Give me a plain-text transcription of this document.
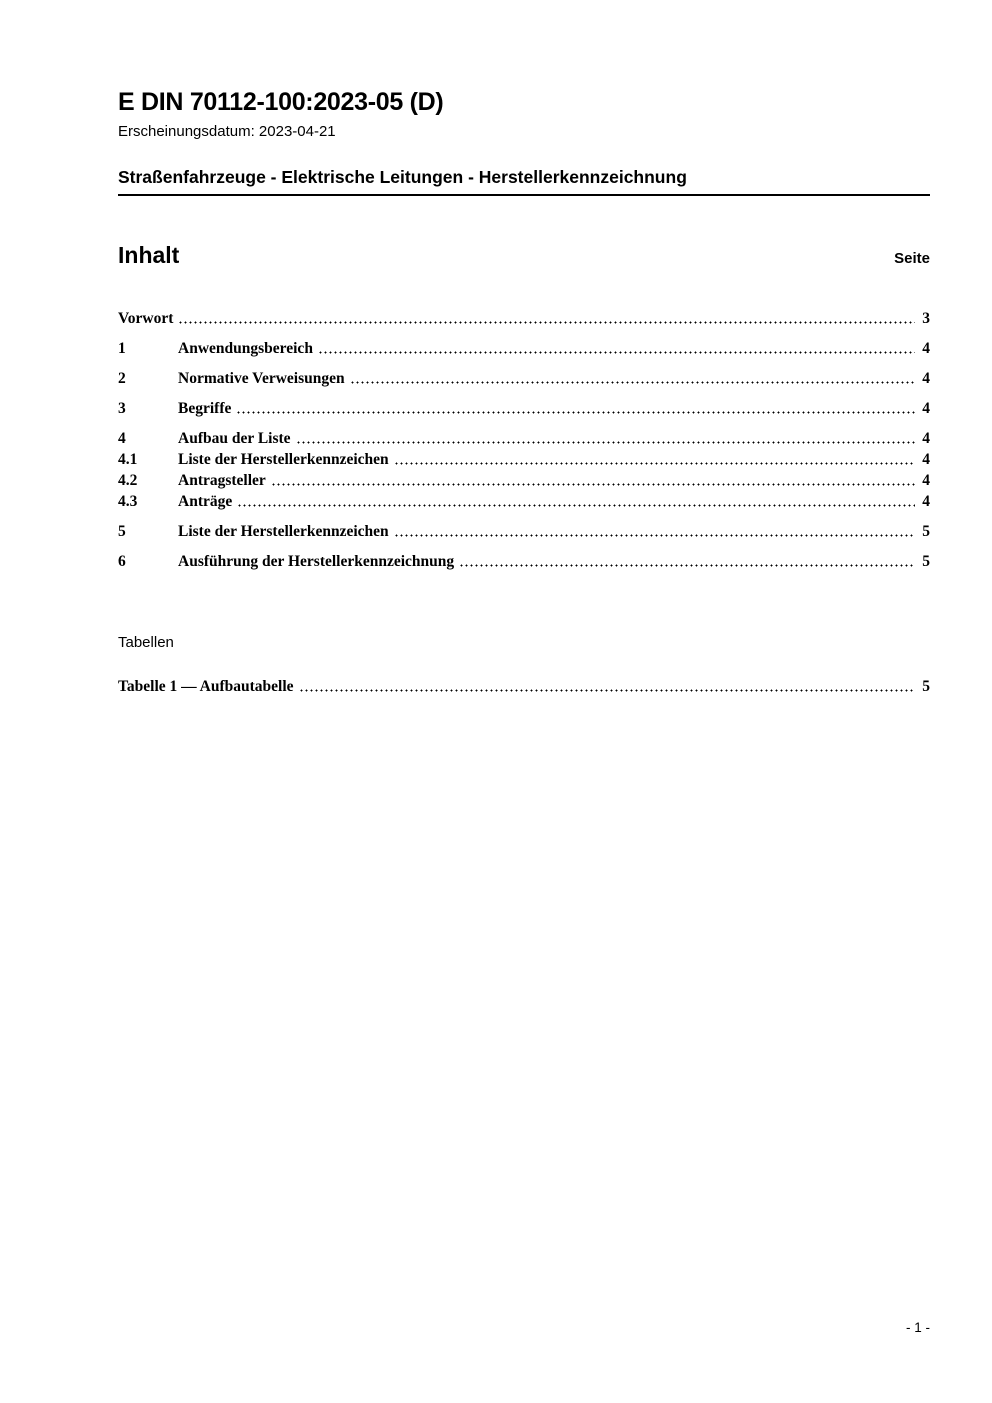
E DIN 70112-100:2023-05 (D)
Erscheinungsdatum: 2023-04-21
Straßenfahrzeuge - Elektrische Leitungen - Herstellerkennzeichnung
Inhalt	Seite
Vorwort	3
1	Anwendungsbereich	4
2	Normative Verweisungen	4
3	Begriffe	4
4	Aufbau der Liste	4
4.1	Liste der Herstellerkennzeichen	4
4.2	Antragsteller	4
4.3	Anträge	4
5	Liste der Herstellerkennzeichen	5
6	Ausführung der Herstellerkennzeichnung	5
Tabellen
Tabelle 1 — Aufbautabelle	5
- 1 -
